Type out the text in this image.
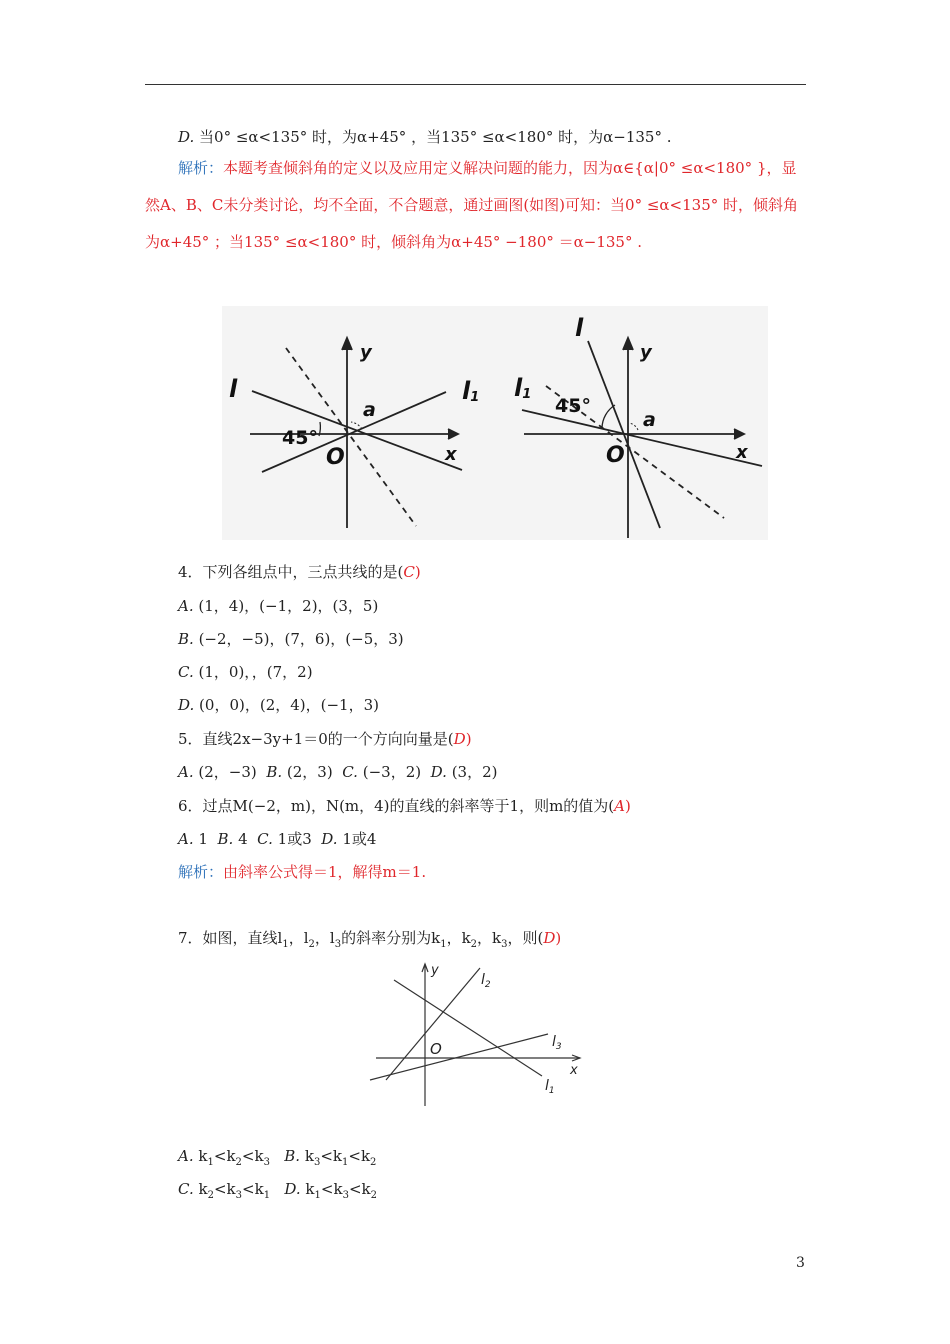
D. 当0° ≤α<135° 时，为α+45° ，当135° ≤α<180° 时，为α−135° .
解析：本题考查倾斜角的定义以及应用定义解决问题的能力，因为α∈{α|0° ≤α<180° }，显然A、B、C未分类讨论，均不全面，不合题意，通过画图(如图)可知：当0° ≤α<135° 时，倾斜角为α+45° ；当135° ≤α<180° 时，倾斜角为α+45° −180° ＝α−135° .
l	l1
y
x
O
45°
a
l
l1
y
x
O
45°
a
4．下列各组点中，三点共线的是(C)
A. (1，4)，(−1，2)，(3，5)
B. (−2，−5)，(7，6)，(−5，3)
C. (1，0)，，(7，2)
D. (0，0)，(2，4)，(−1，3)
5．直线2x−3y+1＝0的一个方向向量是(D)
A. (2，−3) B. (2，3) C. (−3，2) D. (3，2)
6．过点M(−2，m)，N(m，4)的直线的斜率等于1，则m的值为(A)
A. 1 B. 4 C. 1或3 D. 1或4
解析：由斜率公式得＝1，解得m＝1.
7．如图，直线$l_1$，$l_2$，$l_3$的斜率分别为$k_1$，$k_2$，$k_3$，则(D)
y
x
O
$l_2$
$l_3$
$l_1$
A. $k_1<k_2<k_3$ B. $k_3<k_1<k_2$
C. $k_2<k_3<k_1$ D. $k_1<k_3<k_2$
3
